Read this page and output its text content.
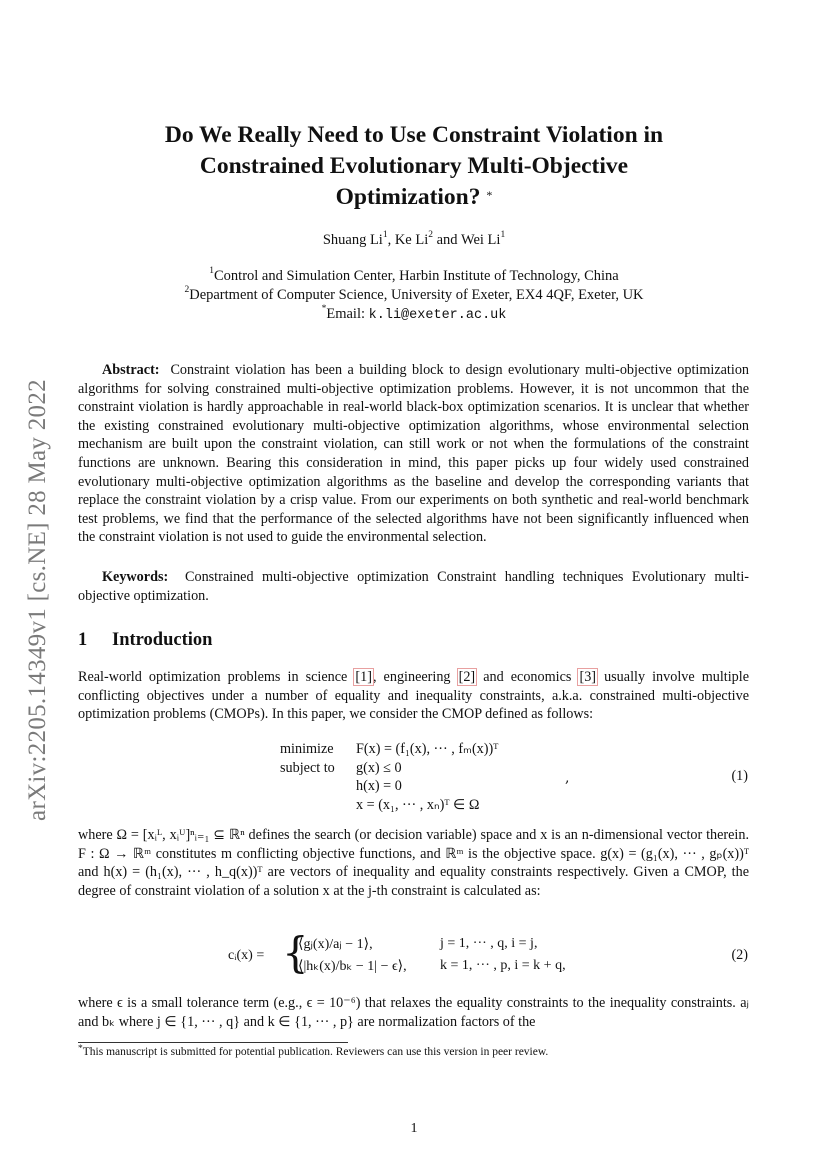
arXiv:2205.14349v1 [cs.NE] 28 May 2022
Do We Really Need to Use Constraint Violation in
Constrained Evolutionary Multi-Objective
Optimization? *
Shuang Li$^1$, Ke Li$^2$ and Wei Li$^1$
$^1$Control and Simulation Center, Harbin Institute of Technology, China
$^2$Department of Computer Science, University of Exeter, EX4 4QF, Exeter, UK
*Email: k.li@exeter.ac.uk
Abstract: Constraint violation has been a building block to design evolutionary multi-objective optimization algorithms for solving constrained multi-objective optimization problems. However, it is not uncommon that the constraint violation is hardly approachable in real-world black-box optimization scenarios. It is unclear that whether the existing constrained evolutionary multi-objective optimization algorithms, whose environmental selection mechanism are built upon the constraint violation, can still work or not when the formulations of the constraint functions are unknown. Bearing this consideration in mind, this paper picks up four widely used constrained evolutionary multi-objective optimization algorithms as the baseline and develop the corresponding variants that replace the constraint violation by a crisp value. From our experiments on both synthetic and real-world benchmark test problems, we find that the performance of the selected algorithms have not been significantly influenced when the constraint violation is not used to guide the environmental selection.
Keywords: Constrained multi-objective optimization Constraint handling techniques Evolutionary multi-objective optimization.
1 Introduction
Real-world optimization problems in science [1], engineering [2] and economics [3] usually involve multiple conflicting objectives under a number of equality and inequality constraints, a.k.a. constrained multi-objective optimization problems (CMOPs). In this paper, we consider the CMOP defined as follows:
minimize	F(x) = (f₁(x), ··· , fₘ(x))ᵀ
subject to	g(x) ≤ 0
h(x) = 0
x = (x₁, ··· , xₙ)ᵀ ∈ Ω
,	(1)
where Ω = [xᵢᴸ, xᵢᵁ]ⁿᵢ₌₁ ⊆ ℝⁿ defines the search (or decision variable) space and x is an n-dimensional vector therein. F : Ω → ℝᵐ constitutes m conflicting objective functions, and ℝᵐ is the objective space. g(x) = (g₁(x), ··· , gₚ(x))ᵀ and h(x) = (h₁(x), ··· , h_q(x))ᵀ are vectors of inequality and equality constraints respectively. Given a CMOP, the degree of constraint violation of a solution x at the j-th constraint is calculated as:
cᵢ(x) = {
⟨gⱼ(x)/aⱼ − 1⟩,	j = 1, ··· , q, i = j,
⟨|hₖ(x)/bₖ − 1| − ϵ⟩, k = 1, ··· , p, i = k + q,
(2)
where ϵ is a small tolerance term (e.g., ϵ = 10⁻⁶) that relaxes the equality constraints to the inequality constraints. aⱼ and bₖ where j ∈ {1, ··· , q} and k ∈ {1, ··· , p} are normalization factors of the
*This manuscript is submitted for potential publication. Reviewers can use this version in peer review.
1
